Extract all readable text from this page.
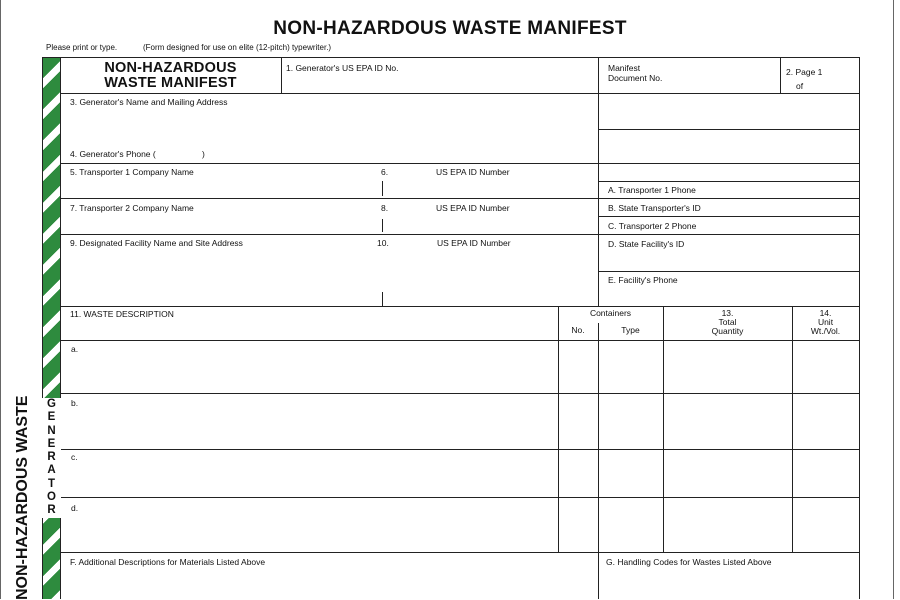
NON-HAZARDOUS WASTE MANIFEST
Please print or type.	(Form designed for use on elite (12-pitch) typewriter.)
NON-HAZARDOUS WASTE	G
E
N
E
R
A
T
O
R
NON-HAZARDOUS
WASTE MANIFEST
1. Generator's US EPA ID No.	Manifest
Document No.
2. Page 1
of
3. Generator's Name and Mailing Address
4. Generator's Phone (	)
5. Transporter 1 Company Name	6.	US EPA ID Number
A. Transporter 1 Phone
7. Transporter 2 Company Name	8.	US EPA ID Number	B. State Transporter's ID
C. Transporter 2 Phone
9. Designated Facility Name and Site Address	10.	US EPA ID Number	D. State Facility's ID
E. Facility's Phone
11. WASTE DESCRIPTION	Containers
No.	Type
13.
Total
Quantity
14.
Unit
Wt./Vol.
a.
b.
c.
d.
F. Additional Descriptions for Materials Listed Above	G. Handling Codes for Wastes Listed Above
